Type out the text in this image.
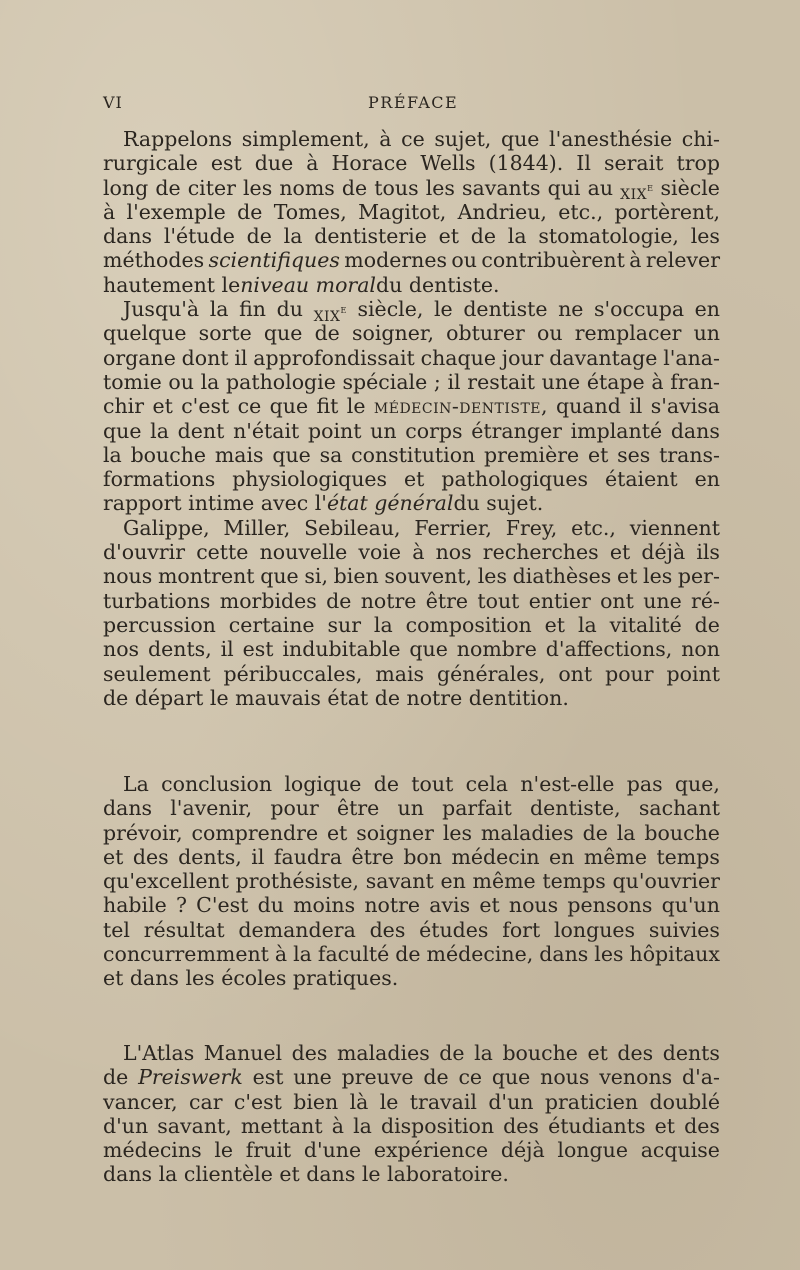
VI	PRÉFACE
Rappelons simplement, à ce sujet, que l'anesthésie chi-
rurgicale est due à Horace Wells (1844). Il serait trop
long de citer les noms de tous les savants qui au xix$^e$ siècle
à l'exemple de Tomes, Magitot, Andrieu, etc., portèrent,
dans l'étude de la dentisterie et de la stomatologie, les
méthodes scientifiques modernes ou contribuèrent à relever
hautement le niveau moral du dentiste.
Jusqu'à la fin du xix$^e$ siècle, le dentiste ne s'occupa en
quelque sorte que de soigner, obturer ou remplacer un
organe dont il approfondissait chaque jour davantage l'ana-
tomie ou la pathologie spéciale ; il restait une étape à fran-
chir et c'est ce que fit le médecin-dentiste, quand il s'avisa
que la dent n'était point un corps étranger implanté dans
la bouche mais que sa constitution première et ses trans-
formations physiologiques et pathologiques étaient en
rapport intime avec l' état général du sujet.
Galippe, Miller, Sebileau, Ferrier, Frey, etc., viennent
d'ouvrir cette nouvelle voie à nos recherches et déjà ils
nous montrent que si, bien souvent, les diathèses et les per-
turbations morbides de notre être tout entier ont une ré-
percussion certaine sur la composition et la vitalité de
nos dents, il est indubitable que nombre d'affections, non
seulement péribuccales, mais générales, ont pour point
de départ le mauvais état de notre dentition.
La conclusion logique de tout cela n'est-elle pas que,
dans l'avenir, pour être un parfait dentiste, sachant
prévoir, comprendre et soigner les maladies de la bouche
et des dents, il faudra être bon médecin en même temps
qu'excellent prothésiste, savant en même temps qu'ouvrier
habile ? C'est du moins notre avis et nous pensons qu'un
tel résultat demandera des études fort longues suivies
concurremment à la faculté de médecine, dans les hôpitaux
et dans les écoles pratiques.
L'Atlas Manuel des maladies de la bouche et des dents
de Preiswerk est une preuve de ce que nous venons d'a-
vancer, car c'est bien là le travail d'un praticien doublé
d'un savant, mettant à la disposition des étudiants et des
médecins le fruit d'une expérience déjà longue acquise
dans la clientèle et dans le laboratoire.
